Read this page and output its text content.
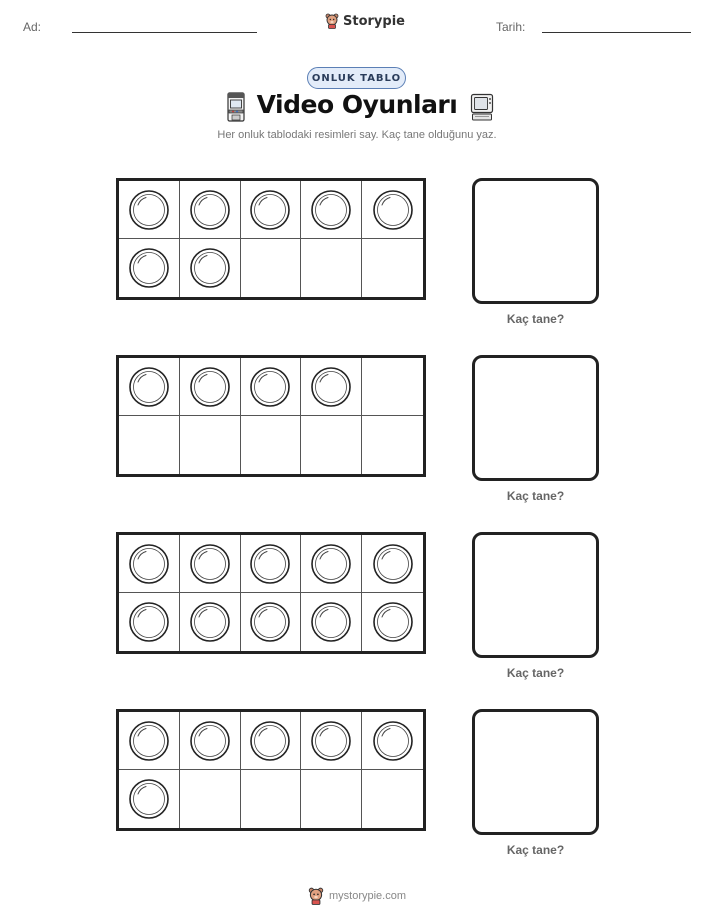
Ad:	Storypie	Tarih:
ONLUK TABLO
Video Oyunları
Her onluk tablodaki resimleri say. Kaç tane olduğunu yaz.
Kaç tane?
Kaç tane?
Kaç tane?
Kaç tane?
mystorypie.com
